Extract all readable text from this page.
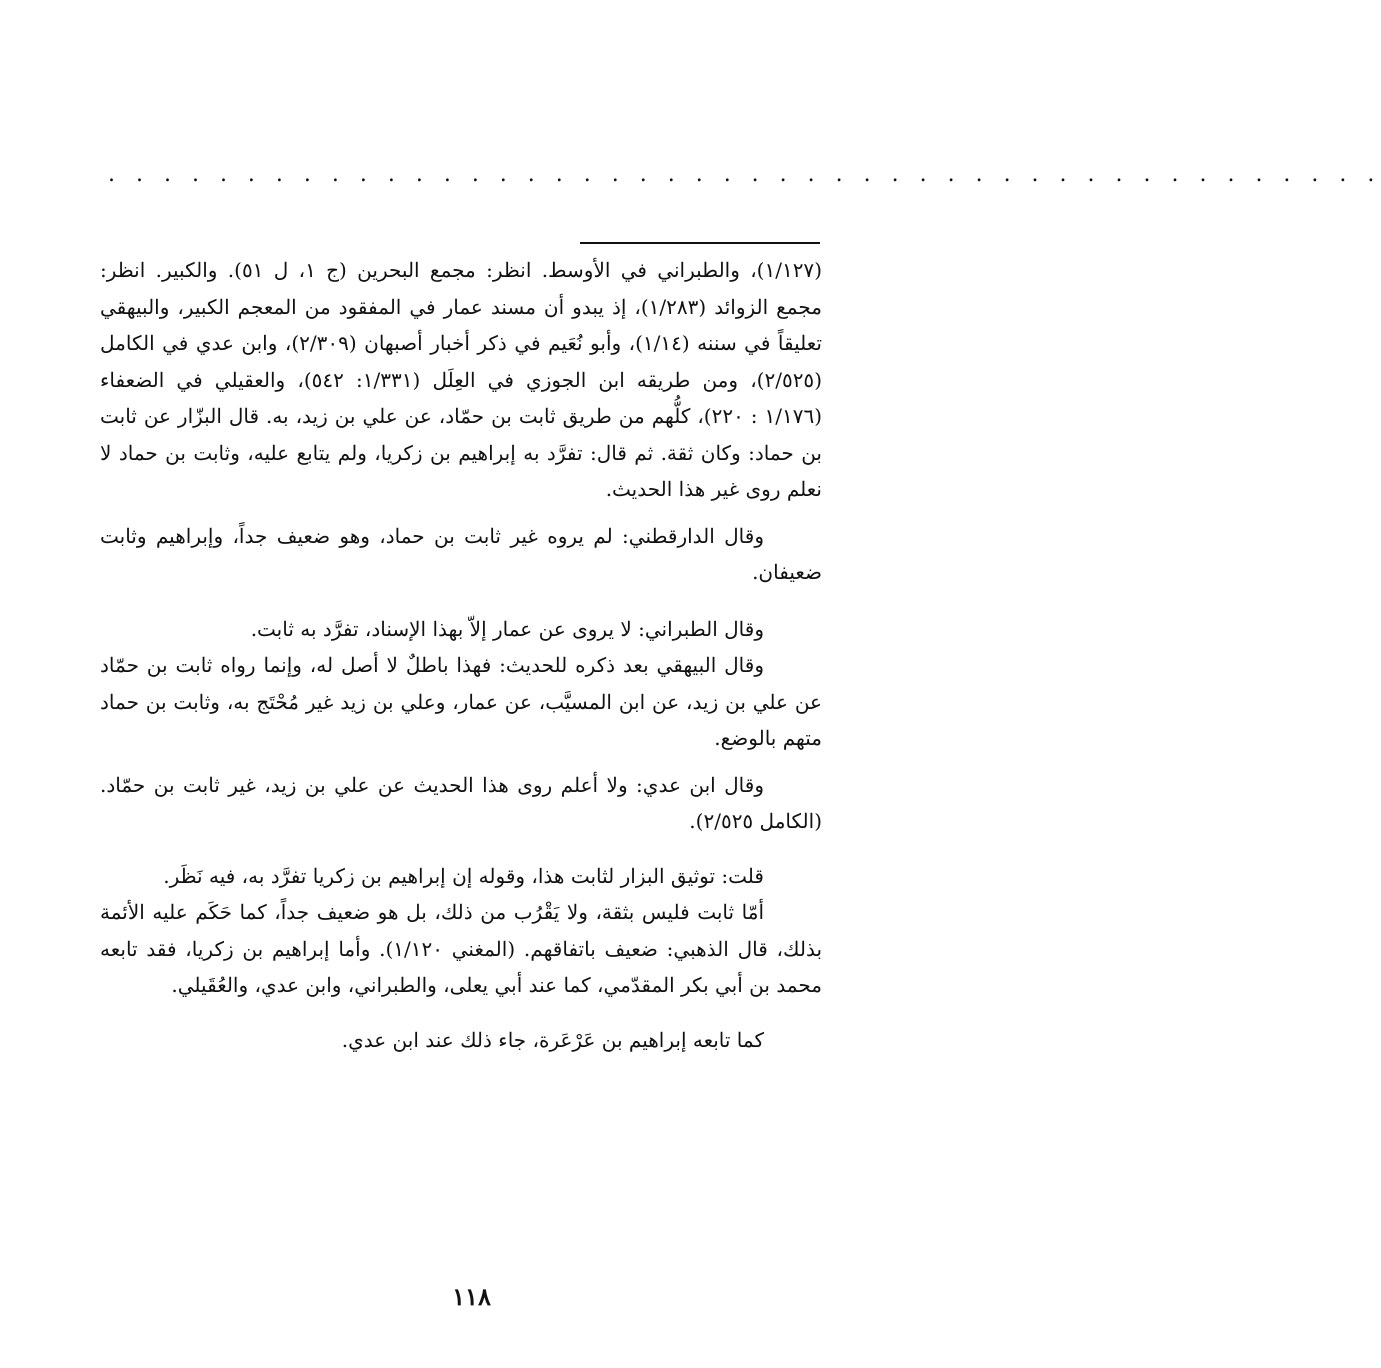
. . . . . . . . . . . . . . . . . . . . . . . . . . . . . . . . . . . . . . . . . . . . . .

(١/١٢٧)، والطبراني في الأوسط. انظر: مجمع البحرين (ج ١، ل ٥١). والكبير. انظر: مجمع الزوائد (١/٢٨٣)، إذ يبدو أن مسند عمار في المفقود من المعجم الكبير، والبيهقي تعليقاً في سننه (١/١٤)، وأبو نُعَيم في ذكر أخبار أصبهان (٢/٣٠٩)، وابن عدي في الكامل (٢/٥٢٥)، ومن طريقه ابن الجوزي في العِلَل (١/٣٣١: ٥٤٢)، والعقيلي في الضعفاء (١/١٧٦ : ٢٢٠)، كلُّهم من طريق ثابت بن حمّاد، عن علي بن زيد، به. قال البزّار عن ثابت بن حماد: وكان ثقة. ثم قال: تفرَّد به إبراهيم بن زكريا، ولم يتابع عليه، وثابت بن حماد لا نعلم روى غير هذا الحديث.

وقال الدارقطني: لم يروه غير ثابت بن حماد، وهو ضعيف جداً، وإبراهيم وثابت ضعيفان.

وقال الطبراني: لا يروى عن عمار إلاّ بهذا الإسناد، تفرَّد به ثابت.

وقال البيهقي بعد ذكره للحديث: فهذا باطلٌ لا أصل له، وإنما رواه ثابت بن حمّاد عن علي بن زيد، عن ابن المسيَّب، عن عمار، وعلي بن زيد غير مُحْتَج به، وثابت بن حماد متهم بالوضع.

وقال ابن عدي: ولا أعلم روى هذا الحديث عن علي بن زيد، غير ثابت بن حمّاد. (الكامل ٢/٥٢٥).

قلت: توثيق البزار لثابت هذا، وقوله إن إبراهيم بن زكريا تفرَّد به، فيه نَظَر.

أمّا ثابت فليس بثقة، ولا يَقْرُب من ذلك، بل هو ضعيف جداً، كما حَكَم عليه الأئمة بذلك، قال الذهبي: ضعيف باتفاقهم. (المغني ١/١٢٠). وأما إبراهيم بن زكريا، فقد تابعه محمد بن أبي بكر المقدّمي، كما عند أبي يعلى، والطبراني، وابن عدي، والعُقَيلي.

كما تابعه إبراهيم بن عَرْعَرة، جاء ذلك عند ابن عدي.

١١٨
